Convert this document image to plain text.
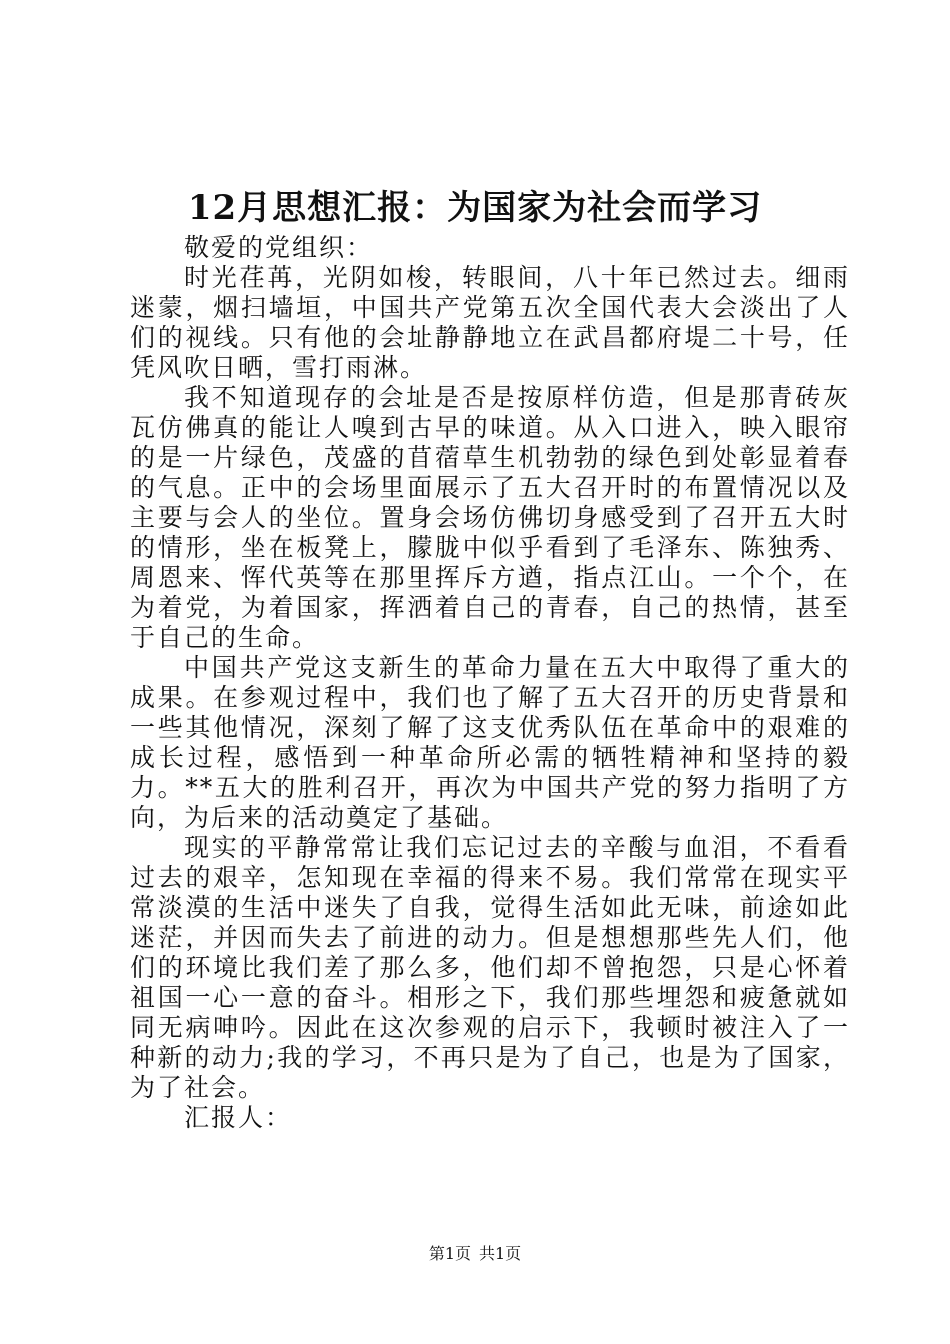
12月思想汇报：为国家为社会而学习

敬爱的党组织：

时光荏苒，光阴如梭，转眼间，八十年已然过去。细雨迷蒙，烟扫墙垣，中国共产党第五次全国代表大会淡出了人们的视线。只有他的会址静静地立在武昌都府堤二十号，任凭风吹日晒，雪打雨淋。

我不知道现存的会址是否是按原样仿造，但是那青砖灰瓦仿佛真的能让人嗅到古早的味道。从入口进入，映入眼帘的是一片绿色，茂盛的苜蓿草生机勃勃的绿色到处彰显着春的气息。正中的会场里面展示了五大召开时的布置情况以及主要与会人的坐位。置身会场仿佛切身感受到了召开五大时的情形，坐在板凳上，朦胧中似乎看到了毛泽东、陈独秀、周恩来、恽代英等在那里挥斥方遒，指点江山。一个个，在为着党，为着国家，挥洒着自己的青春，自己的热情，甚至于自己的生命。

中国共产党这支新生的革命力量在五大中取得了重大的成果。在参观过程中，我们也了解了五大召开的历史背景和一些其他情况，深刻了解了这支优秀队伍在革命中的艰难的成长过程，感悟到一种革命所必需的牺牲精神和坚持的毅力。**五大的胜利召开，再次为中国共产党的努力指明了方向，为后来的活动奠定了基础。

现实的平静常常让我们忘记过去的辛酸与血泪，不看看过去的艰辛，怎知现在幸福的得来不易。我们常常在现实平常淡漠的生活中迷失了自我，觉得生活如此无味，前途如此迷茫，并因而失去了前进的动力。但是想想那些先人们，他们的环境比我们差了那么多，他们却不曾抱怨，只是心怀着祖国一心一意的奋斗。相形之下，我们那些埋怨和疲惫就如同无病呻吟。因此在这次参观的启示下，我顿时被注入了一种新的动力;我的学习，不再只是为了自己，也是为了国家，为了社会。

汇报人：

第1页 共1页
